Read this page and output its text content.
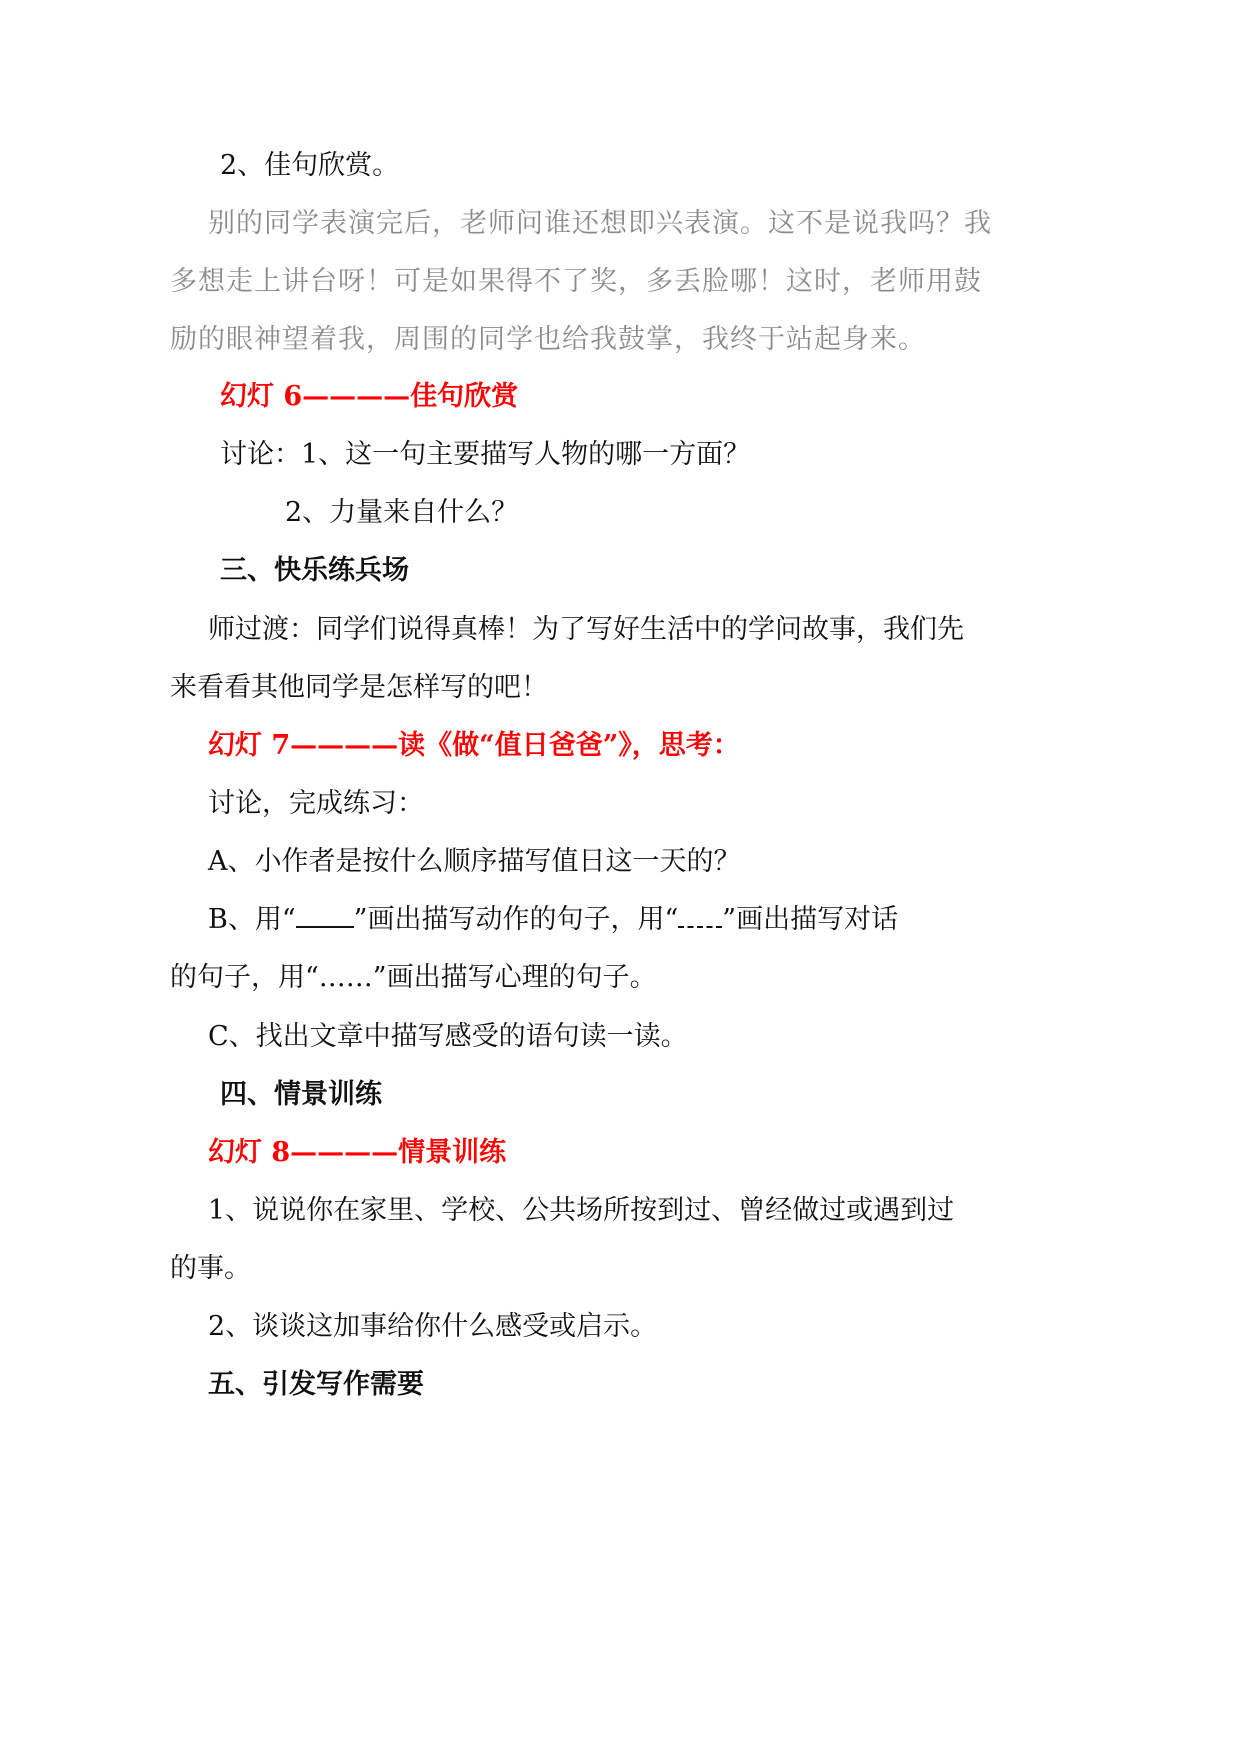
2、佳句欣赏。
别的同学表演完后，老师问谁还想即兴表演。这不是说我吗？我
多想走上讲台呀！可是如果得不了奖，多丢脸哪！这时，老师用鼓
励的眼神望着我，周围的同学也给我鼓掌，我终于站起身来。
幻灯 6————佳句欣赏
讨论：1、这一句主要描写人物的哪一方面？
2、力量来自什么？
三、快乐练兵场
师过渡：同学们说得真棒！为了写好生活中的学问故事，我们先
来看看其他同学是怎样写的吧！
幻灯 7————读《做“值日爸爸”》，思考：
讨论，完成练习：
A、小作者是按什么顺序描写值日这一天的？
B、用“ ”画出描写动作的句子，用“ ”画出描写对话
的句子，用“……”画出描写心理的句子。
C、找出文章中描写感受的语句读一读。
四、情景训练
幻灯 8————情景训练
1、说说你在家里、学校、公共场所按到过、曾经做过或遇到过
的事。
2、谈谈这加事给你什么感受或启示。
五、引发写作需要
